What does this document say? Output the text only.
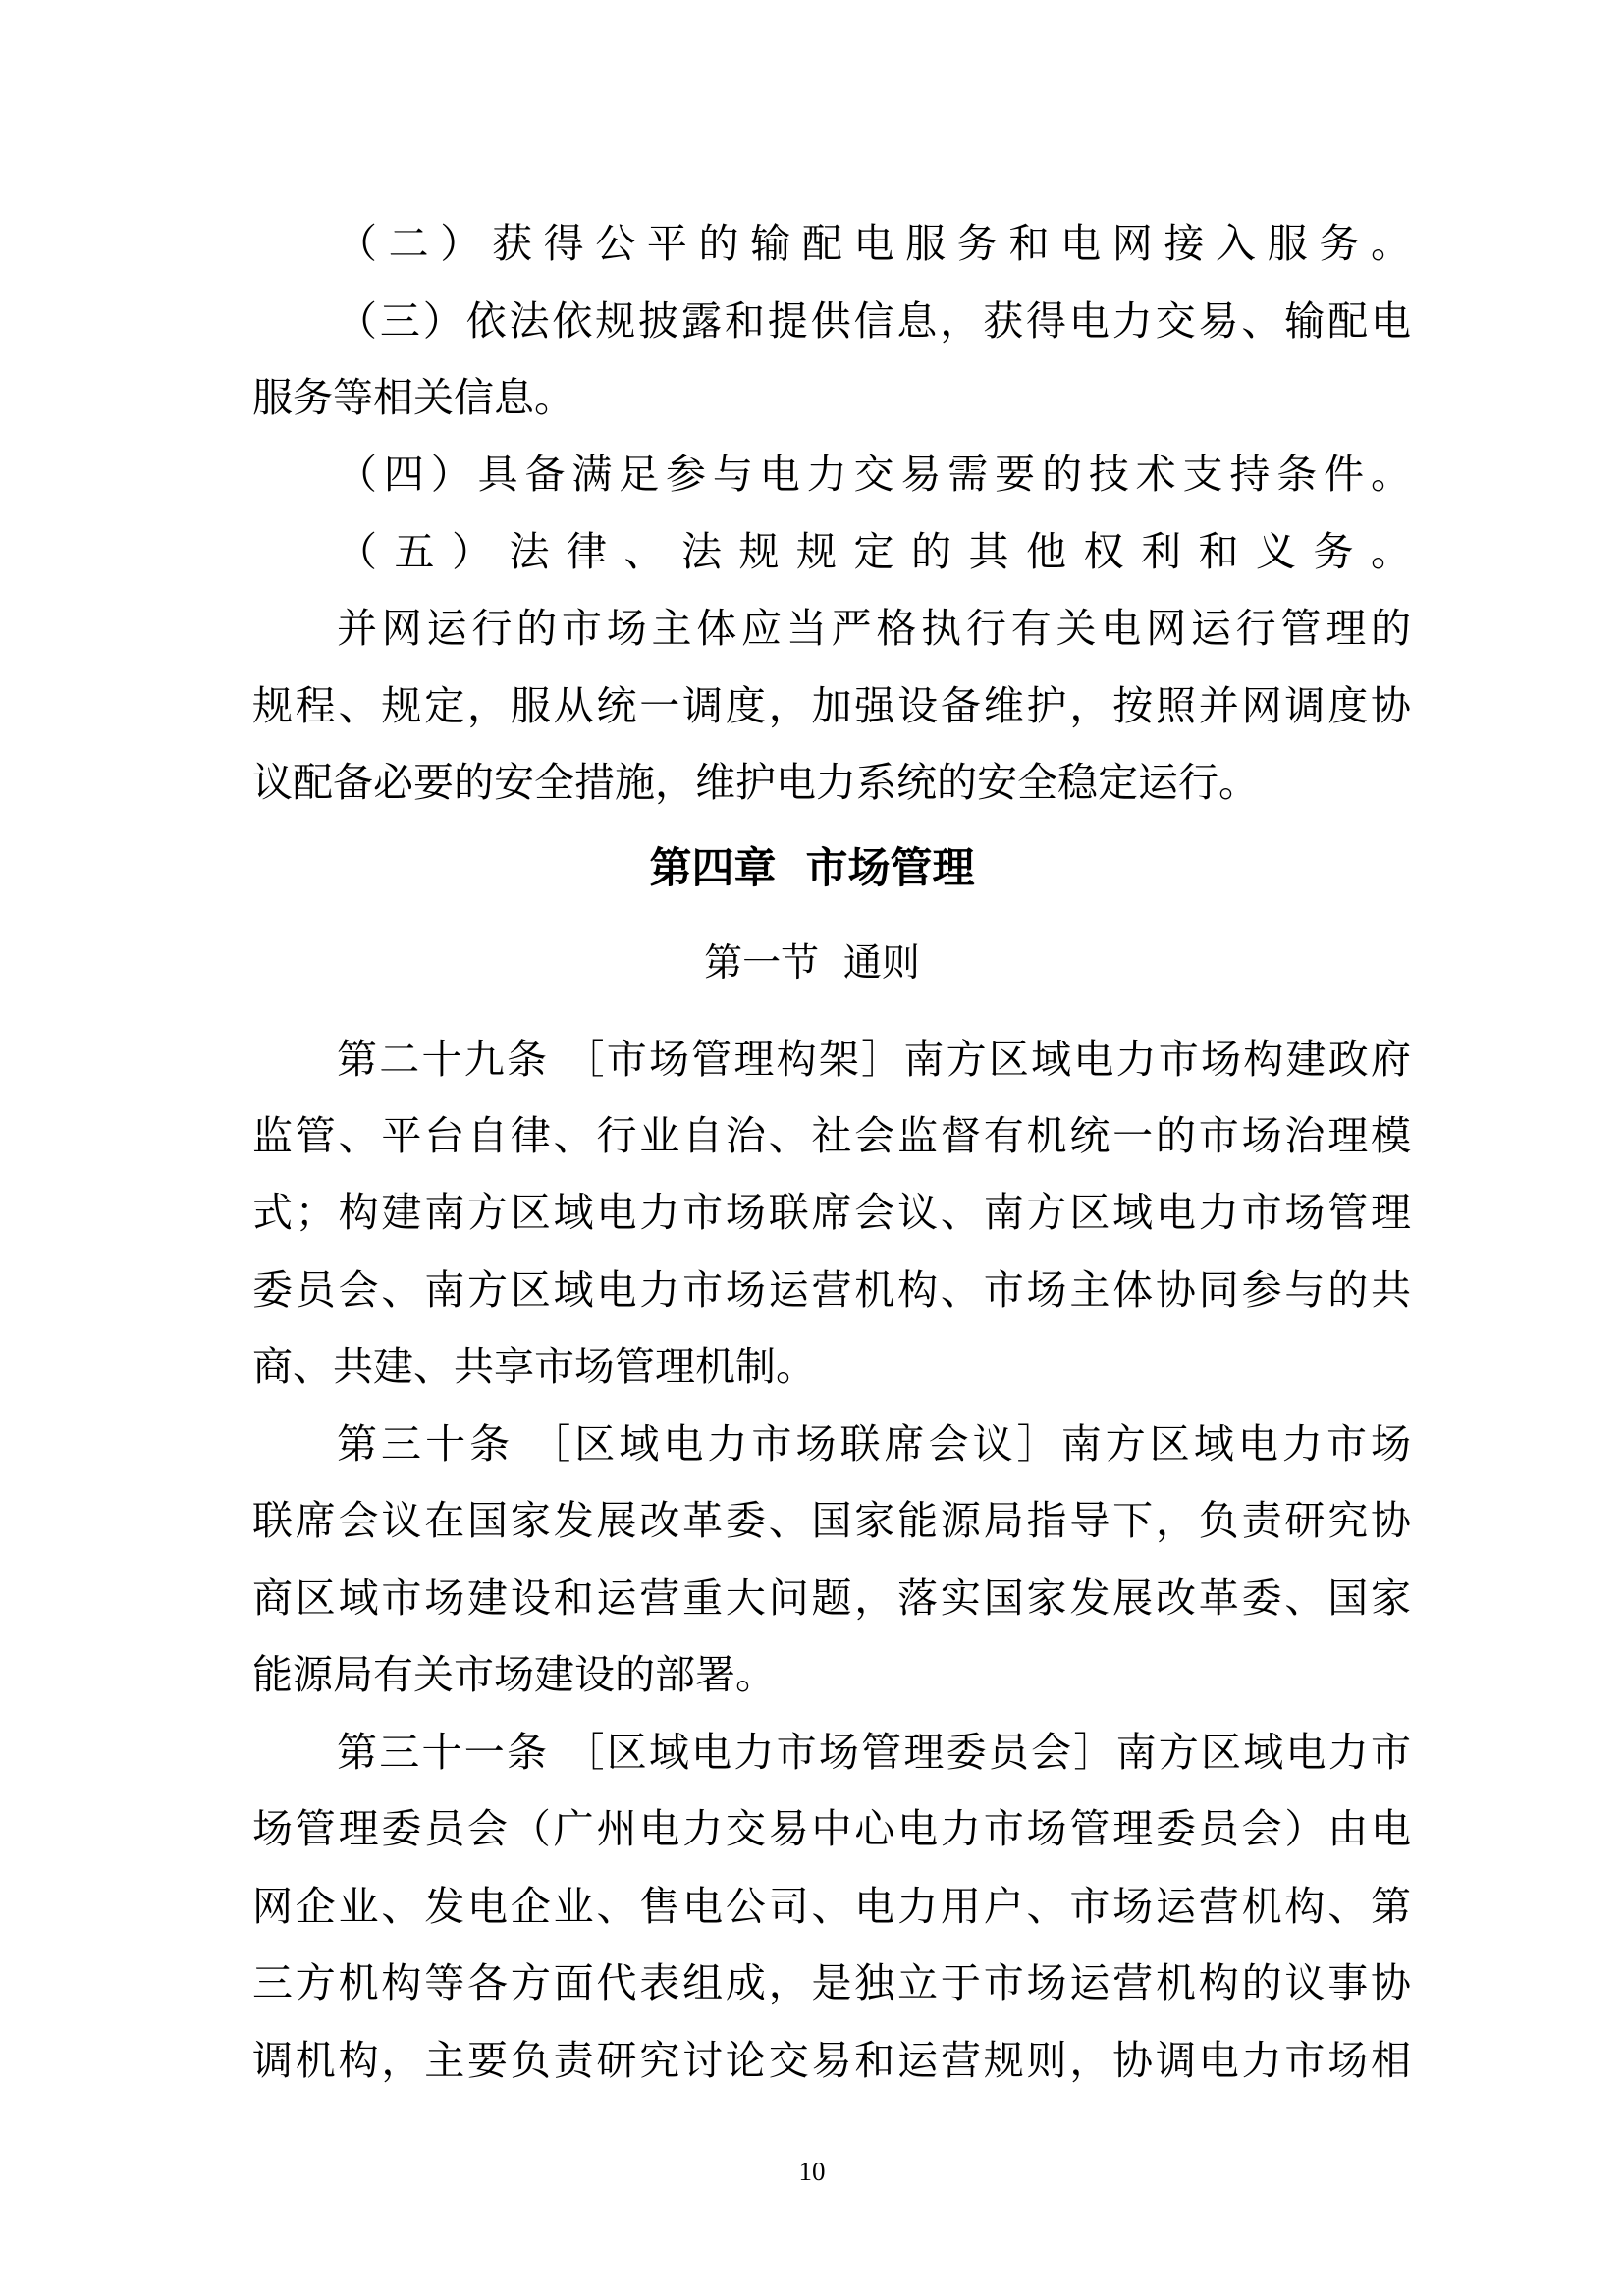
（二）获得公平的输配电服务和电网接入服务。
（三）依法依规披露和提供信息，获得电力交易、输配电
服务等相关信息。
（四）具备满足参与电力交易需要的技术支持条件。
（五）法律、法规规定的其他权利和义务。
并网运行的市场主体应当严格执行有关电网运行管理的
规程、规定，服从统一调度，加强设备维护，按照并网调度协
议配备必要的安全措施，维护电力系统的安全稳定运行。
第四章  市场管理
第一节  通则
第二十九条 ［市场管理构架］南方区域电力市场构建政府
监管、平台自律、行业自治、社会监督有机统一的市场治理模
式；构建南方区域电力市场联席会议、南方区域电力市场管理
委员会、南方区域电力市场运营机构、市场主体协同参与的共
商、共建、共享市场管理机制。
第三十条 ［区域电力市场联席会议］南方区域电力市场
联席会议在国家发展改革委、国家能源局指导下，负责研究协
商区域市场建设和运营重大问题，落实国家发展改革委、国家
能源局有关市场建设的部署。
第三十一条 ［区域电力市场管理委员会］南方区域电力市
场管理委员会（广州电力交易中心电力市场管理委员会）由电
网企业、发电企业、售电公司、电力用户、市场运营机构、第
三方机构等各方面代表组成，是独立于市场运营机构的议事协
调机构，主要负责研究讨论交易和运营规则，协调电力市场相
10
